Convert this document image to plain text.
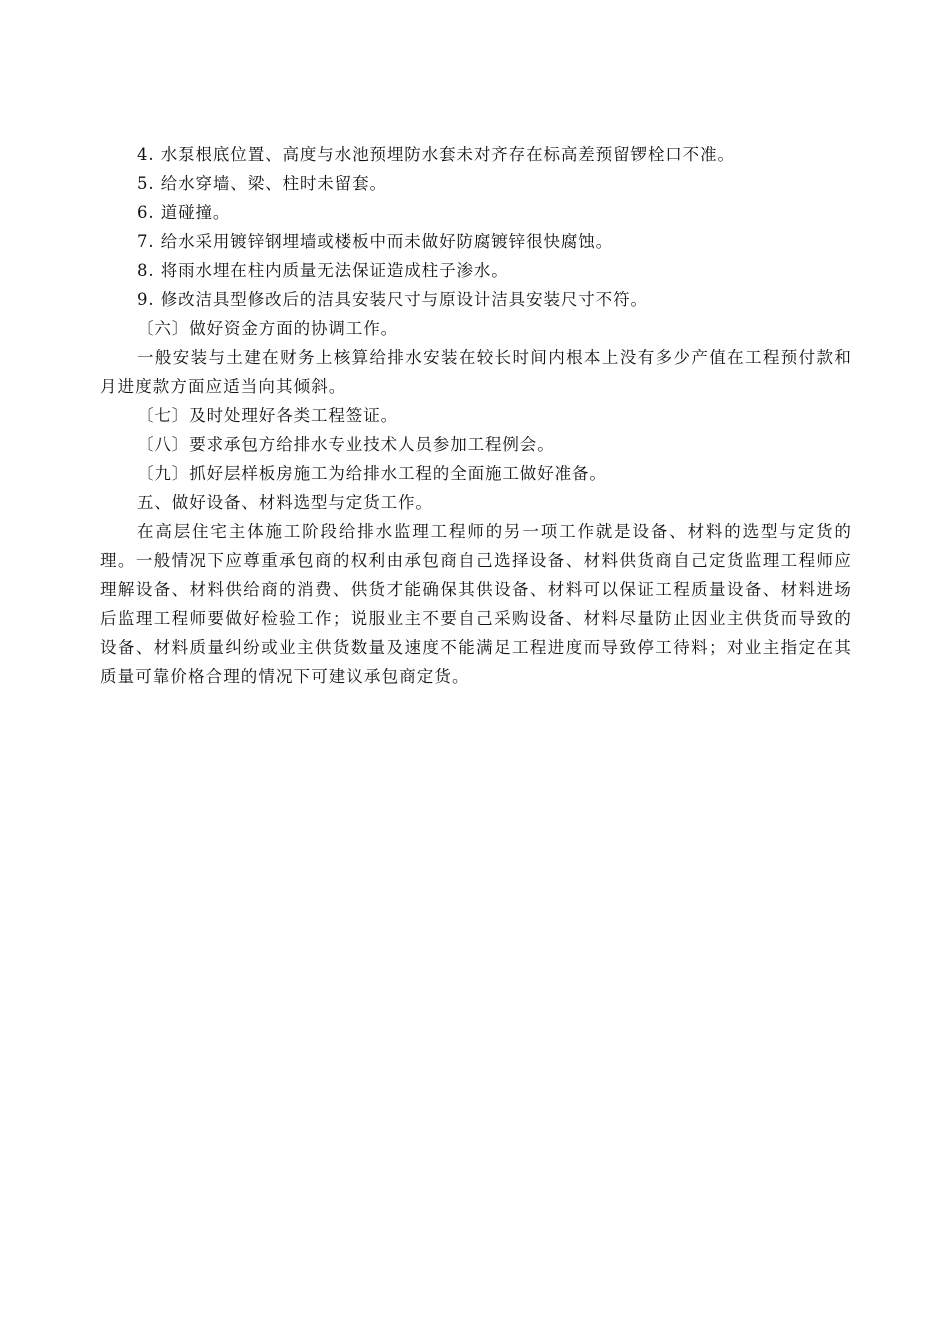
4. 水泵根底位置、高度与水池预埋防水套未对齐存在标高差预留锣栓口不准。
5. 给水穿墙、梁、柱时未留套。
6. 道碰撞。
7. 给水采用镀锌钢埋墙或楼板中而未做好防腐镀锌很快腐蚀。
8. 将雨水埋在柱内质量无法保证造成柱子渗水。
9. 修改洁具型修改后的洁具安装尺寸与原设计洁具安装尺寸不符。
〔六〕做好资金方面的协调工作。

一般安装与土建在财务上核算给排水安装在较长时间内根本上没有多少产值在工程预付款和月进度款方面应适当向其倾斜。

〔七〕及时处理好各类工程签证。
〔八〕要求承包方给排水专业技术人员参加工程例会。
〔九〕抓好层样板房施工为给排水工程的全面施工做好准备。
五、做好设备、材料选型与定货工作。

在高层住宅主体施工阶段给排水监理工程师的另一项工作就是设备、材料的选型与定货的理。一般情况下应尊重承包商的权利由承包商自己选择设备、材料供货商自己定货监理工程师应理解设备、材料供给商的消费、供货才能确保其供设备、材料可以保证工程质量设备、材料进场后监理工程师要做好检验工作；说服业主不要自己采购设备、材料尽量防止因业主供货而导致的设备、材料质量纠纷或业主供货数量及速度不能满足工程进度而导致停工待料；对业主指定在其质量可靠价格合理的情况下可建议承包商定货。
